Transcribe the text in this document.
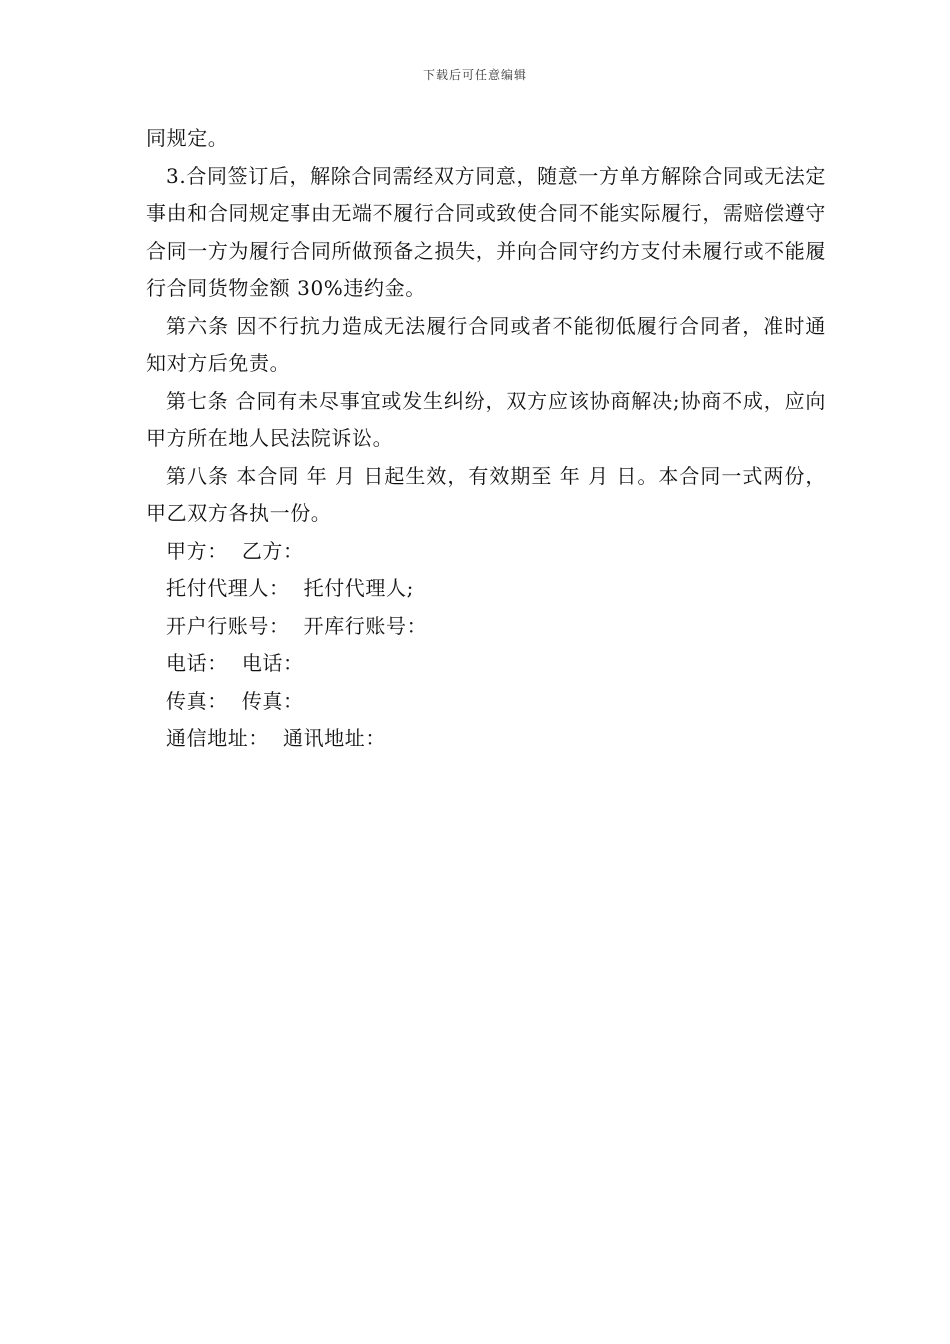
下载后可任意编辑

同规定。

3.合同签订后，解除合同需经双方同意，随意一方单方解除合同或无法定事由和合同规定事由无端不履行合同或致使合同不能实际履行，需赔偿遵守合同一方为履行合同所做预备之损失，并向合同守约方支付未履行或不能履行合同货物金额 30%违约金。

第六条 因不行抗力造成无法履行合同或者不能彻低履行合同者，准时通知对方后免责。

第七条 合同有未尽事宜或发生纠纷，双方应该协商解决;协商不成，应向甲方所在地人民法院诉讼。

第八条 本合同 年 月 日起生效，有效期至 年 月 日。本合同一式两份，甲乙双方各执一份。

甲方： 乙方：

托付代理人： 托付代理人;

开户行账号： 开库行账号：

电话： 电话：

传真： 传真：

通信地址： 通讯地址：
